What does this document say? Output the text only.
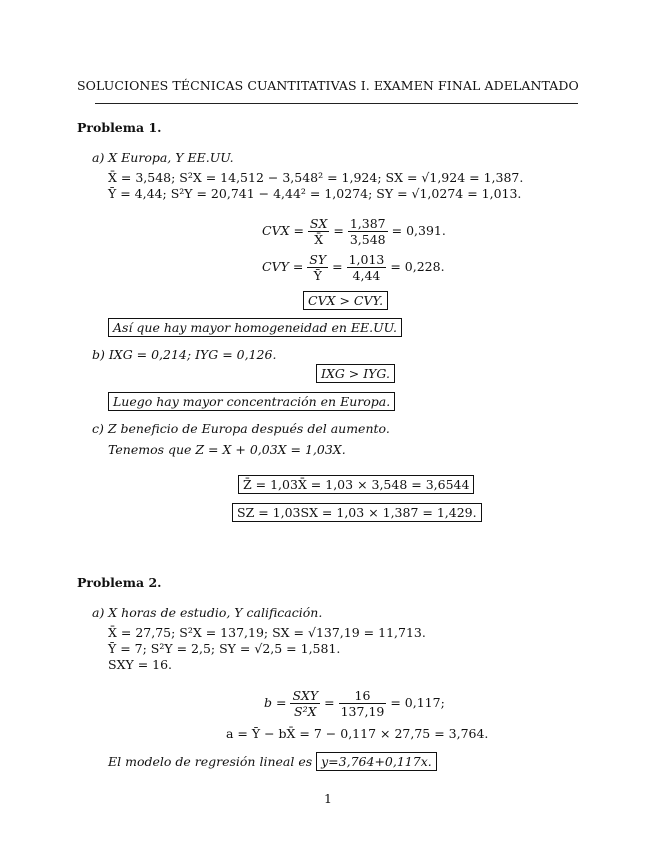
SOLUCIONES TÉCNICAS CUANTITATIVAS I. EXAMEN FINAL ADELANTADO
Problema 1.
a) X Europa, Y EE.UU.
X̄ = 3,548; S²X = 14,512 − 3,548² = 1,924; SX = √1,924 = 1,387.
Ȳ = 4,44; S²Y = 20,741 − 4,44² = 1,0274; SY = √1,0274 = 1,013.
CVX = $\frac{SX}{X̄} = \frac{1,387}{3,548} = 0,391$.
CVY = $\frac{SY}{Ȳ} = \frac{1,013}{4,44} = 0,228$.
CVX > CVY.
Así que hay mayor homogeneidad en EE.UU.
b) IXG = 0,214; IYG = 0,126.
IXG > IYG.
Luego hay mayor concentración en Europa.
c) Z beneficio de Europa después del aumento.
Tenemos que Z = X + 0,03X = 1,03X.
Z̄ = 1,03X̄ = 1,03 × 3,548 = 3,6544
SZ = 1,03SX = 1,03 × 1,387 = 1,429.
Problema 2.
a) X horas de estudio, Y calificación.
X̄ = 27,75; S²X = 137,19; SX = √137,19 = 11,713.
Ȳ = 7; S²Y = 2,5; SY = √2,5 = 1,581.
SXY = 16.
$b = \frac{\text{SXY}}{\text{S²X}} = \frac{16}{137,19} = 0,117$;
a = Ȳ − bX̄ = 7 − 0,117 × 27,75 = 3,764.
El modelo de regresión lineal es y=3,764+0,117x.
1
